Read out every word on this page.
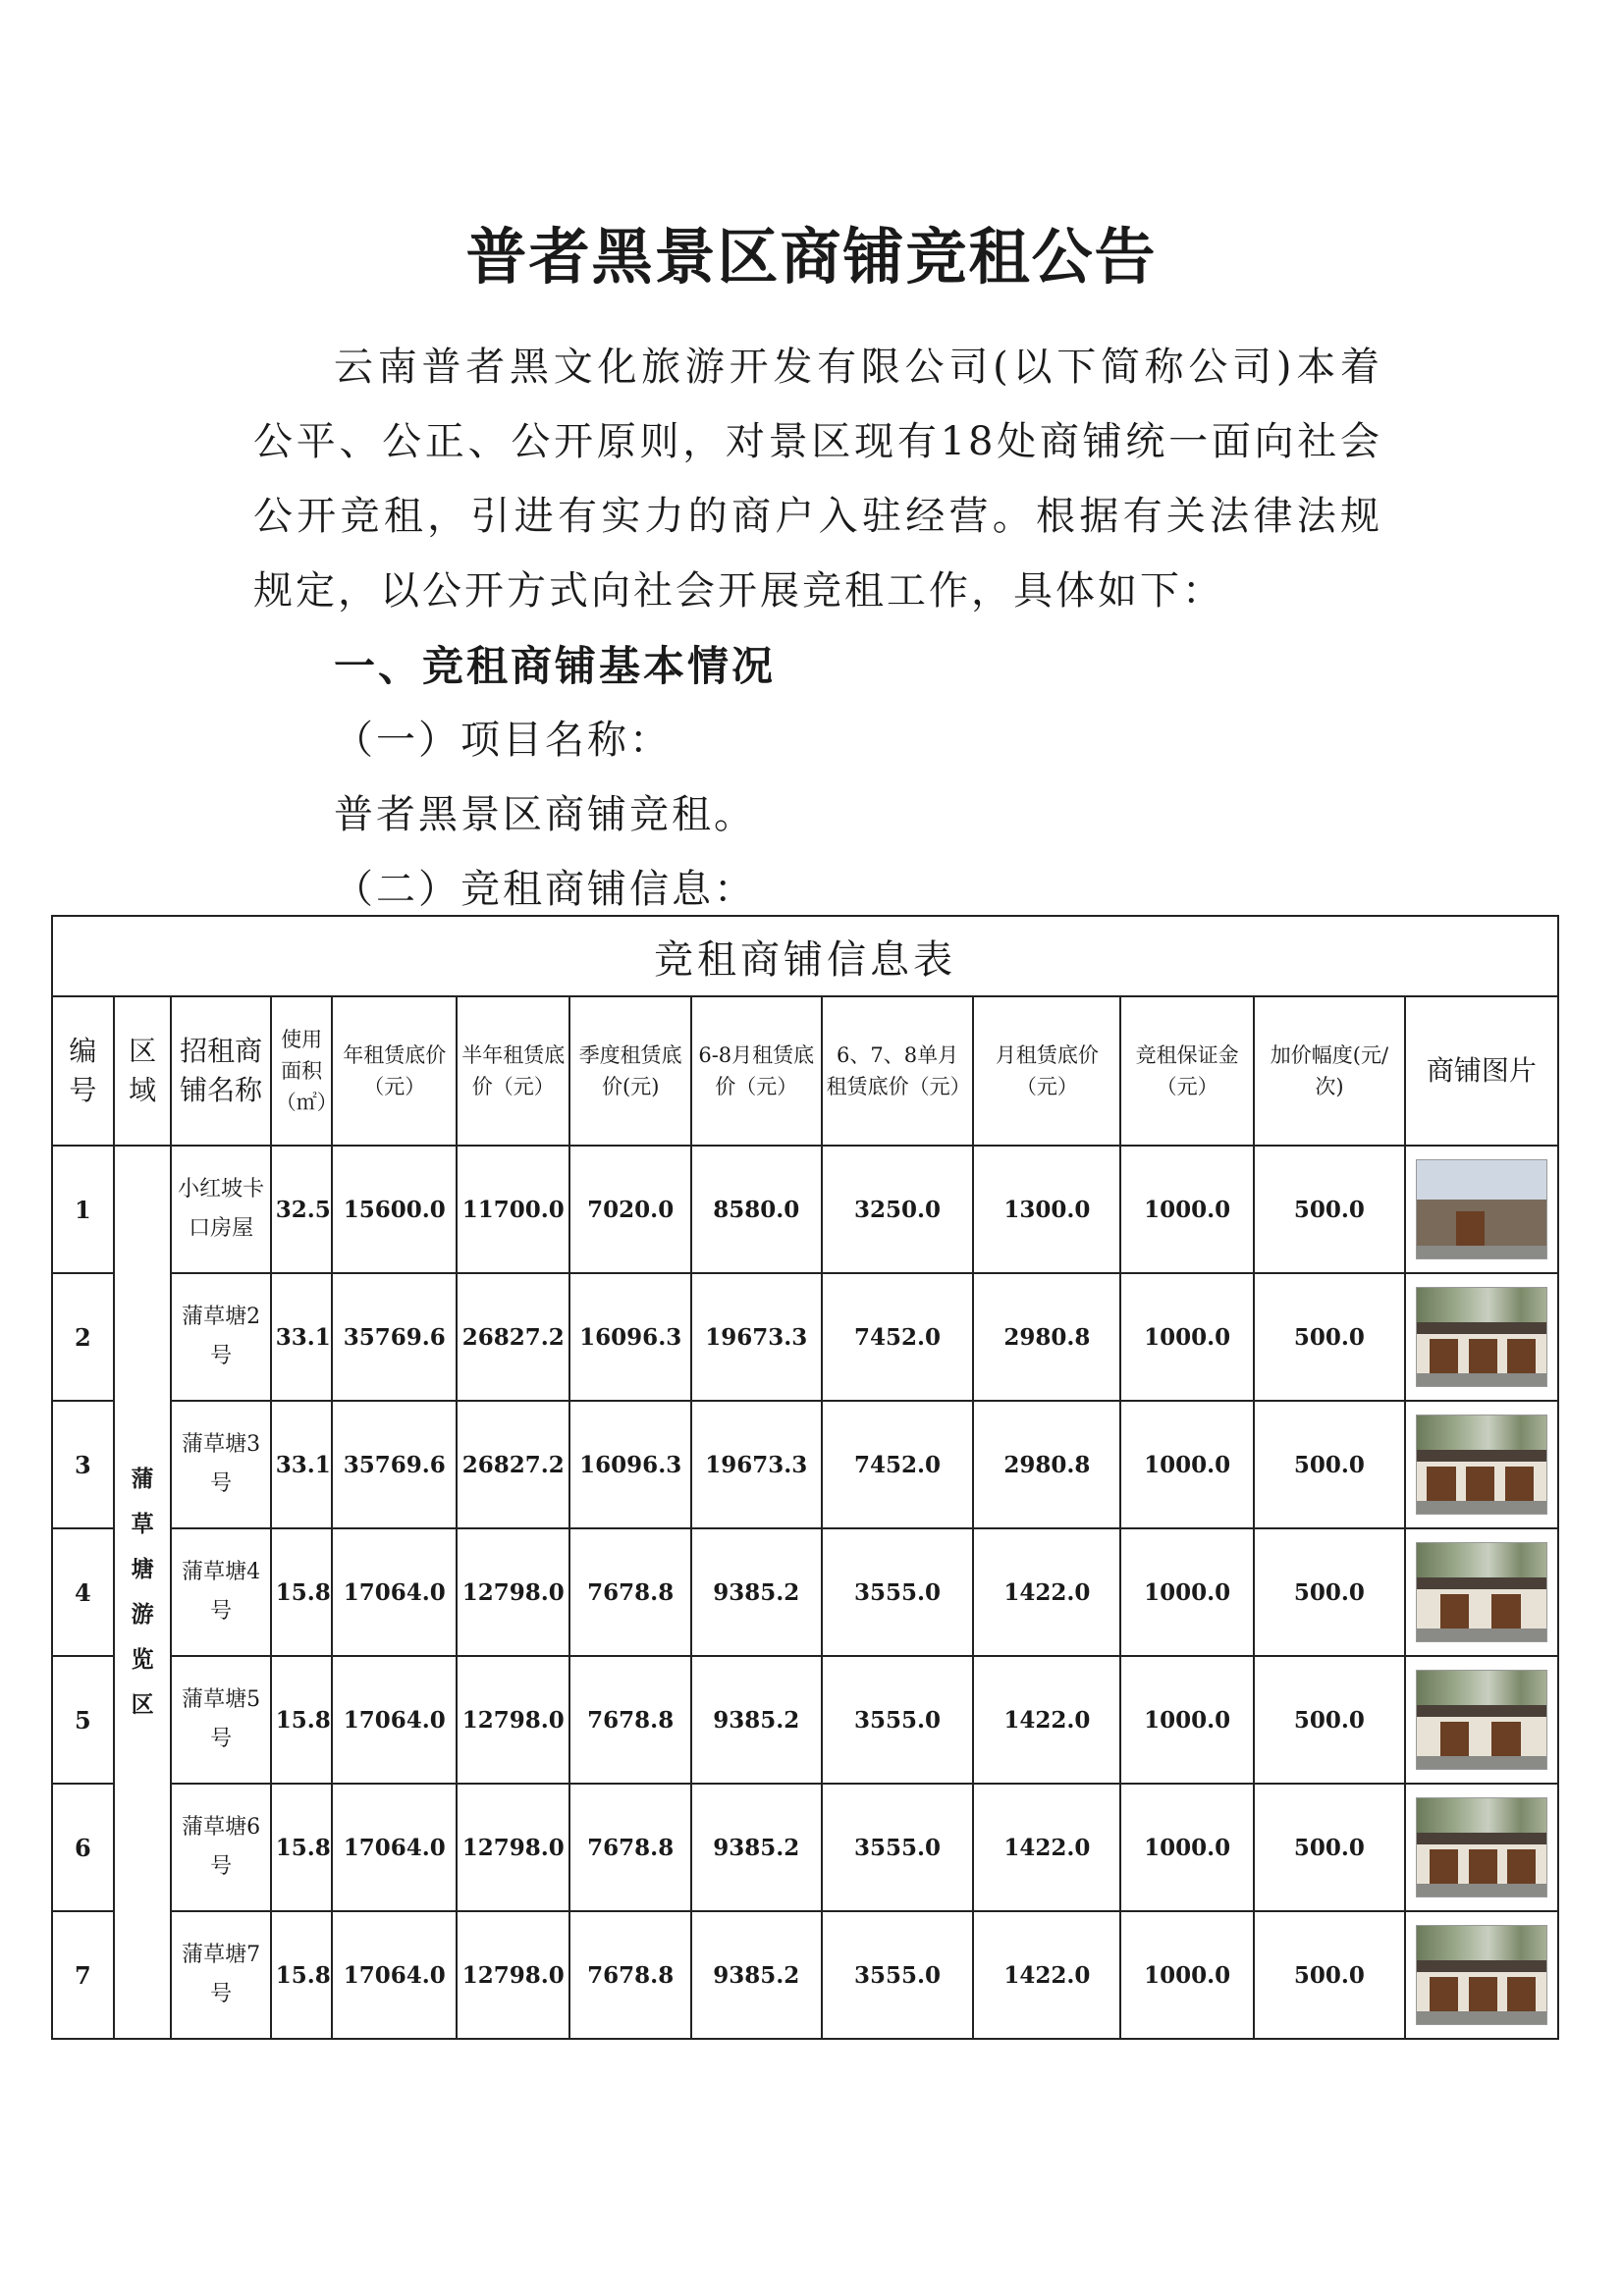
普者黑景区商铺竞租公告
云南普者黑文化旅游开发有限公司(以下简称公司)本着公平、公正、公开原则，对景区现有18处商铺统一面向社会公开竞租，引进有实力的商户入驻经营。根据有关法律法规规定，以公开方式向社会开展竞租工作，具体如下：
一、竞租商铺基本情况
（一）项目名称：
普者黑景区商铺竞租。
（二）竞租商铺信息：
竞租商铺信息表												

编号	区域	招租商铺名称	使用面积（㎡）	年租赁底价（元）	半年租赁底价（元）	季度租赁底价(元)	6-8月租赁底价（元）	6、7、8单月租赁底价（元）	月租赁底价（元）	竞租保证金（元）	加价幅度(元/次)	商铺图片
1	蒲草塘游览区	小红坡卡口房屋	32.5	15600.0	11700.0	7020.0	8580.0	3250.0	1300.0	1000.0	500.0	

2		蒲草塘2号	33.1	35769.6	26827.2	16096.3	19673.3	7452.0	2980.8	1000.0	500.0	

3		蒲草塘3号	33.1	35769.6	26827.2	16096.3	19673.3	7452.0	2980.8	1000.0	500.0	

4		蒲草塘4号	15.8	17064.0	12798.0	7678.8	9385.2	3555.0	1422.0	1000.0	500.0	

5		蒲草塘5号	15.8	17064.0	12798.0	7678.8	9385.2	3555.0	1422.0	1000.0	500.0	

6		蒲草塘6号	15.8	17064.0	12798.0	7678.8	9385.2	3555.0	1422.0	1000.0	500.0	

7		蒲草塘7号	15.8	17064.0	12798.0	7678.8	9385.2	3555.0	1422.0	1000.0	500.0	
